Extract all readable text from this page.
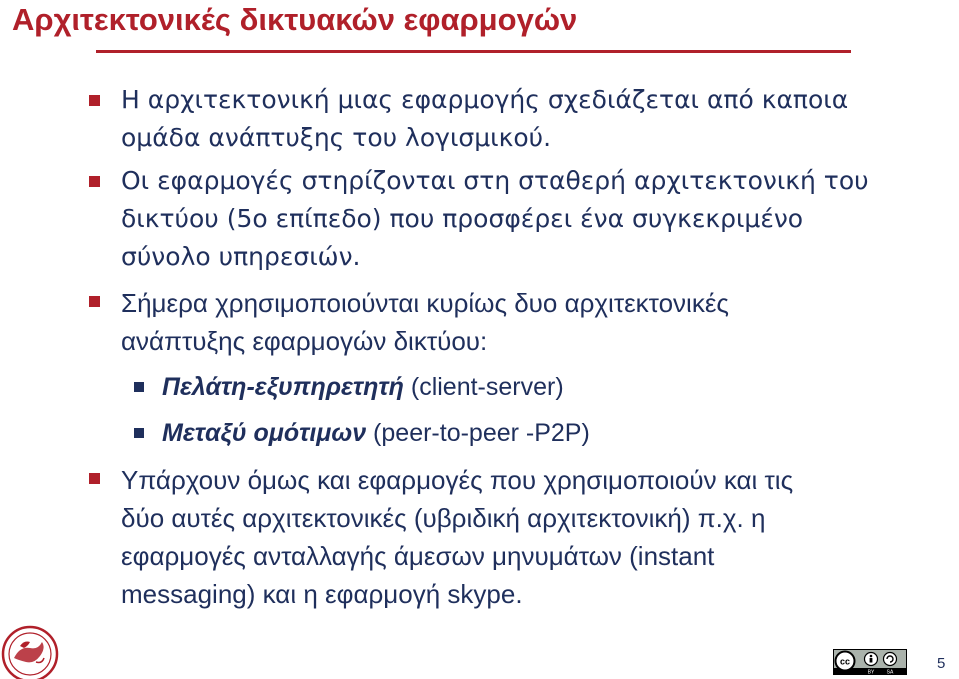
Αρχιτεκτονικές δικτυακών εφαρμογών
Η αρχιτεκτονική μιας εφαρμογής σχεδιάζεται από καποια
ομάδα ανάπτυξης του λογισμικού.
Οι εφαρμογές στηρίζονται στη σταθερή αρχιτεκτονική του
δικτύου (5ο επίπεδο) που προσφέρει ένα συγκεκριμένο
σύνολο υπηρεσιών.
Σήμερα χρησιμοποιούνται κυρίως δυο αρχιτεκτονικές
ανάπτυξης εφαρμογών δικτύου:
Πελάτη-εξυπηρετητή (client-server)
Μεταξύ ομότιμων (peer-to-peer -P2P)
Υπάρχουν όμως και εφαρμογές που χρησιμοποιούν και τις
δύο αυτές αρχιτεκτονικές (υβριδική αρχιτεκτονική) π.χ. η
εφαρμογές ανταλλαγής άμεσων μηνυμάτων (instant
messaging) και η εφαρμογή skype.
cc
BY SA
5
